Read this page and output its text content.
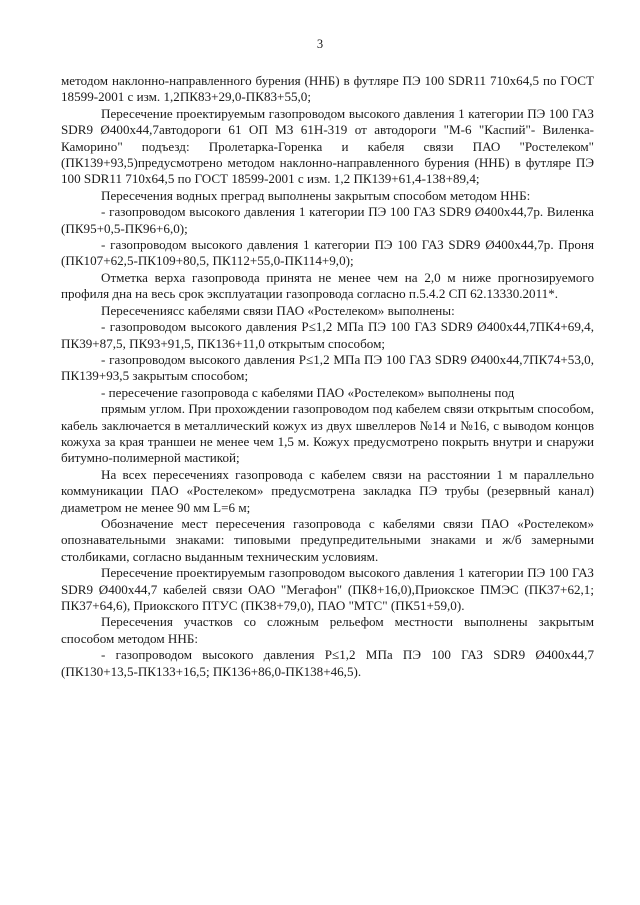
3

методом наклонно-направленного бурения (ННБ) в футляре ПЭ 100 SDR11 710х64,5 по ГОСТ 18599-2001 с изм. 1,2ПК83+29,0-ПК83+55,0;

Пересечение проектируемым газопроводом высокого давления 1 категории ПЭ 100 ГАЗ SDR9 Ø400х44,7автодороги 61 ОП МЗ 61Н-319 от автодороги "М-6 "Каспий"- Виленка-Каморино" подъезд: Пролетарка-Горенка и кабеля связи ПАО "Ростелеком" (ПК139+93,5)предусмотрено методом наклонно-направленного бурения (ННБ) в футляре ПЭ 100 SDR11 710х64,5 по ГОСТ 18599-2001 с изм. 1,2 ПК139+61,4-138+89,4;

Пересечения водных преград выполнены закрытым способом методом ННБ:

- газопроводом высокого давления 1 категории ПЭ 100 ГАЗ SDR9 Ø400х44,7р. Виленка (ПК95+0,5-ПК96+6,0);

- газопроводом высокого давления 1 категории ПЭ 100 ГАЗ SDR9 Ø400х44,7р. Проня (ПК107+62,5-ПК109+80,5, ПК112+55,0-ПК114+9,0);

Отметка верха газопровода принята не менее чем на 2,0 м ниже прогнозируемого профиля дна на весь срок эксплуатации газопровода согласно п.5.4.2 СП 62.13330.2011*.

Пересечениясс кабелями связи ПАО «Ростелеком» выполнены:

- газопроводом высокого давления Р≤1,2 МПа ПЭ 100 ГАЗ SDR9 Ø400х44,7ПК4+69,4, ПК39+87,5, ПК93+91,5, ПК136+11,0 открытым способом;

- газопроводом высокого давления Р≤1,2 МПа ПЭ 100 ГАЗ SDR9 Ø400х44,7ПК74+53,0, ПК139+93,5 закрытым способом;

- пересечение газопровода с кабелями ПАО «Ростелеком» выполнены под

прямым углом. При прохождении газопроводом под кабелем связи открытым способом, кабель заключается в металлический кожух из двух швеллеров №14 и №16, с выводом концов кожуха за края траншеи не менее чем 1,5 м. Кожух предусмотрено покрыть внутри и снаружи битумно-полимерной мастикой;

На всех пересечениях газопровода с кабелем связи на расстоянии 1 м параллельно коммуникации ПАО «Ростелеком» предусмотрена закладка ПЭ трубы (резервный канал) диаметром не менее 90 мм L=6 м;

Обозначение мест пересечения газопровода с кабелями связи ПАО «Ростелеком» опознавательными знаками: типовыми предупредительными знаками и ж/б замерными столбиками, согласно выданным техническим условиям.

Пересечение проектируемым газопроводом высокого давления 1 категории ПЭ 100 ГАЗ SDR9 Ø400х44,7 кабелей связи ОАО "Мегафон" (ПК8+16,0),Приокское ПМЭС (ПК37+62,1; ПК37+64,6), Приокского ПТУС (ПК38+79,0), ПАО "МТС" (ПК51+59,0).

Пересечения участков со сложным рельефом местности выполнены закрытым способом методом ННБ:

- газопроводом высокого давления Р≤1,2 МПа ПЭ 100 ГАЗ SDR9 Ø400х44,7 (ПК130+13,5-ПК133+16,5; ПК136+86,0-ПК138+46,5).
